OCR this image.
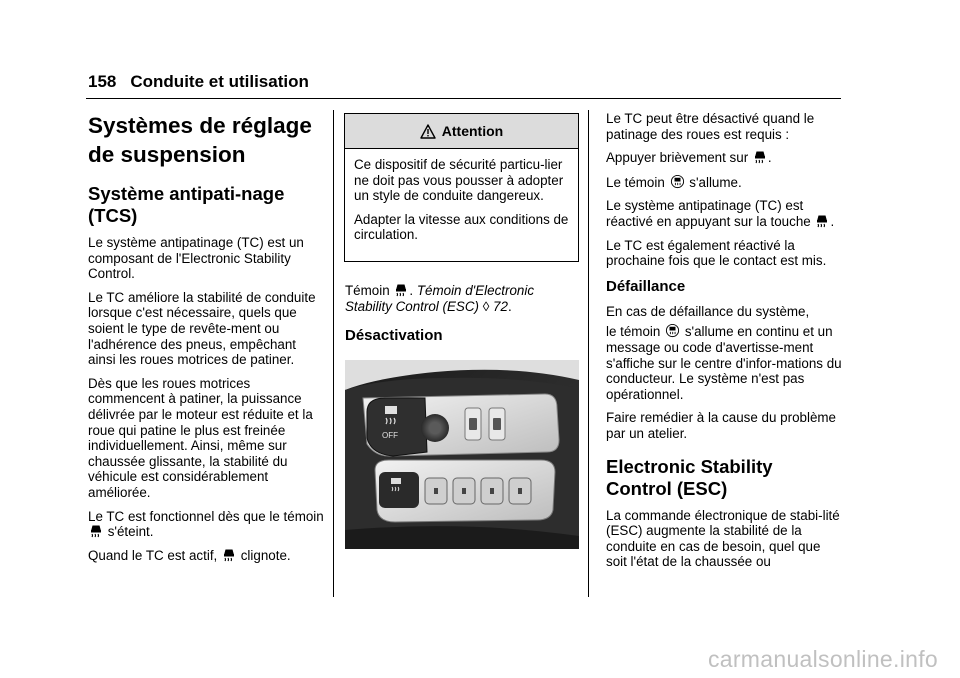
158 Conduite et utilisation
Systèmes de réglage de suspension
Système antipati-nage (TCS)

Le système antipatinage (TC) est un composant de l'Electronic Stability Control.

Le TC améliore la stabilité de conduite lorsque c'est nécessaire, quels que soient le type de revête-ment ou l'adhérence des pneus, empêchant ainsi les roues motrices de patiner.

Dès que les roues motrices commencent à patiner, la puissance délivrée par le moteur est réduite et la roue qui patine le plus est freinée individuellement. Ainsi, même sur chaussée glissante, la stabilité du véhicule est considérablement améliorée.

Le TC est fonctionnel dès que le témoin  s'éteint.

Quand le TC est actif, clignote.

Attention

Ce dispositif de sécurité particu-lier ne doit pas vous pousser à adopter un style de conduite dangereux.

Adapter la vitesse aux conditions de circulation.

Témoin . Témoin d'Electronic Stability Control (ESC) ◊ 72.

Désactivation
OFF

Le TC peut être désactivé quand le patinage des roues est requis :

Appuyer brièvement sur .

Le témoin s'allume.

Le système antipatinage (TC) est réactivé en appuyant sur la touche .

Le TC est également réactivé la prochaine fois que le contact est mis.

Défaillance

En cas de défaillance du système,

le témoin s'allume en continu et un message ou code d'avertisse-ment s'affiche sur le centre d'infor-mations du conducteur. Le système n'est pas opérationnel.

Faire remédier à la cause du problème par un atelier.

Electronic Stability Control (ESC)

La commande électronique de stabi-lité (ESC) augmente la stabilité de la conduite en cas de besoin, quel que soit l'état de la chaussée ou

carmanualsonline.info
